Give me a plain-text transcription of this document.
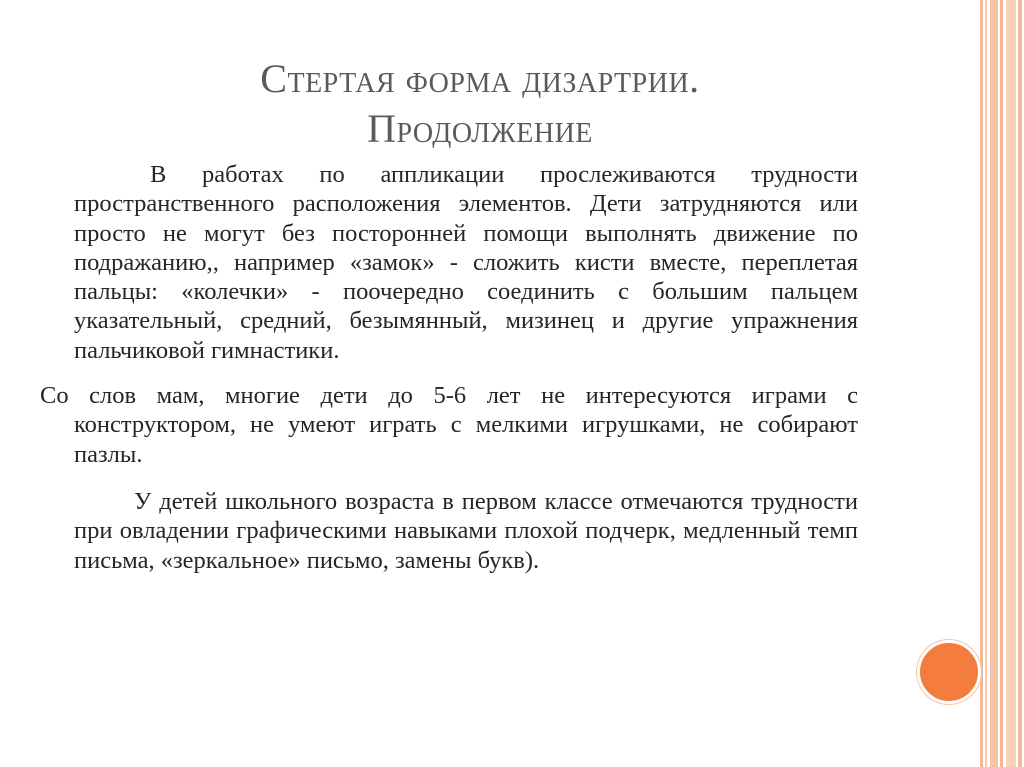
Стертая форма дизартрии.
Продолжение

В работах по аппликации прослеживаются трудности пространственного расположения элементов. Дети затрудняются или просто не могут без посторонней помощи выполнять движение по подражанию,, например «замок» - сложить кисти вместе, переплетая пальцы: «колечки» - поочередно соединить с большим пальцем указательный, средний, безымянный, мизинец и другие упражнения пальчиковой гимнастики.

Со слов мам, многие дети до 5-6 лет не интересуются играми с конструктором, не умеют играть с мелкими игрушками, не собирают пазлы.

У детей школьного возраста в первом классе отмечаются трудности при овладении графическими навыками плохой подчерк, медленный темп письма, «зеркальное» письмо, замены букв).
